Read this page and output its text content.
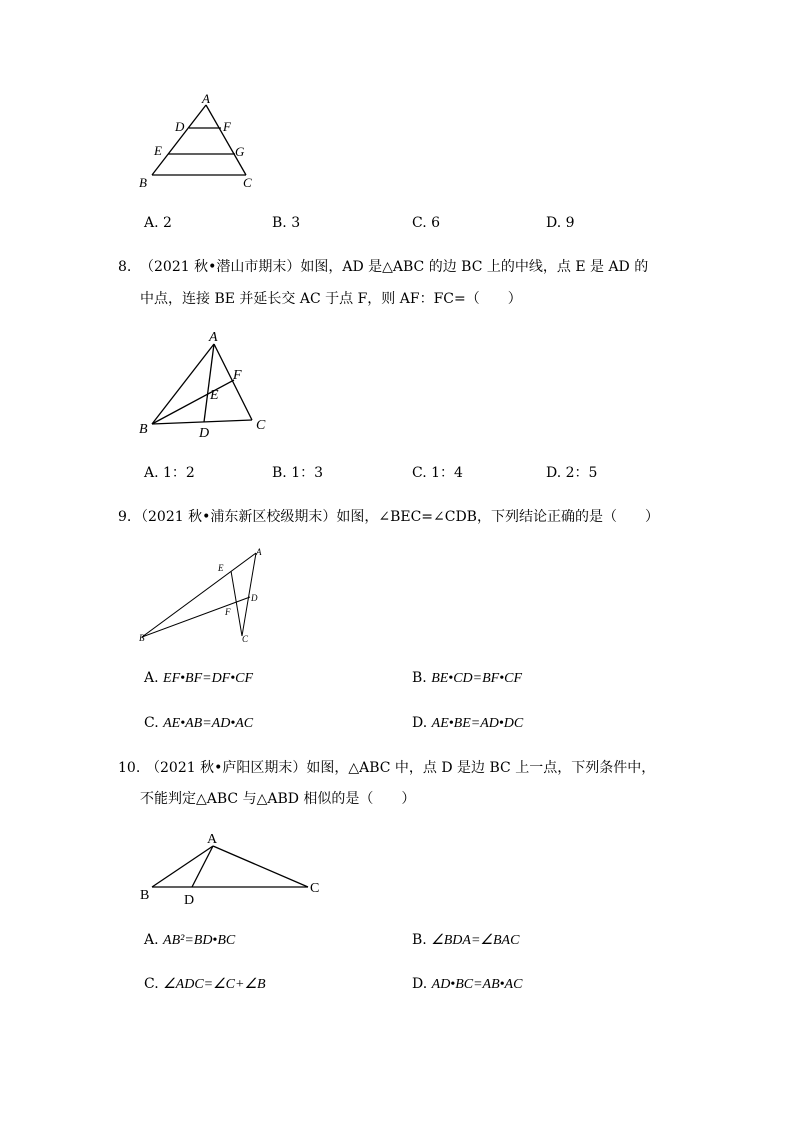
A
D	F
E	G
B	C
A. 2	B. 3	C. 6	D. 9
8. （2021 秋•潜山市期末）如图，AD 是△ABC 的边 BC 上的中线，点 E 是 AD 的
中点，连接 BE 并延长交 AC 于点 F，则 AF：FC=（　　）
A
F
E
B	D
C
A. 1：2	B. 1：3	C. 1：4	D. 2：5
9. （2021 秋•浦东新区校级期末）如图，∠BEC=∠CDB，下列结论正确的是（　　）
A
E
D
F
B	C
A. EF•BF=DF•CF	B. BE•CD=BF•CF
C. AE•AB=AD•AC	D. AE•BE=AD•DC
10. （2021 秋•庐阳区期末）如图，△ABC 中，点 D 是边 BC 上一点，下列条件中，
不能判定△ABC 与△ABD 相似的是（　　）
A
B D
C
A. AB²=BD•BC	B. ∠BDA=∠BAC
C. ∠ADC=∠C+∠B	D. AD•BC=AB•AC
